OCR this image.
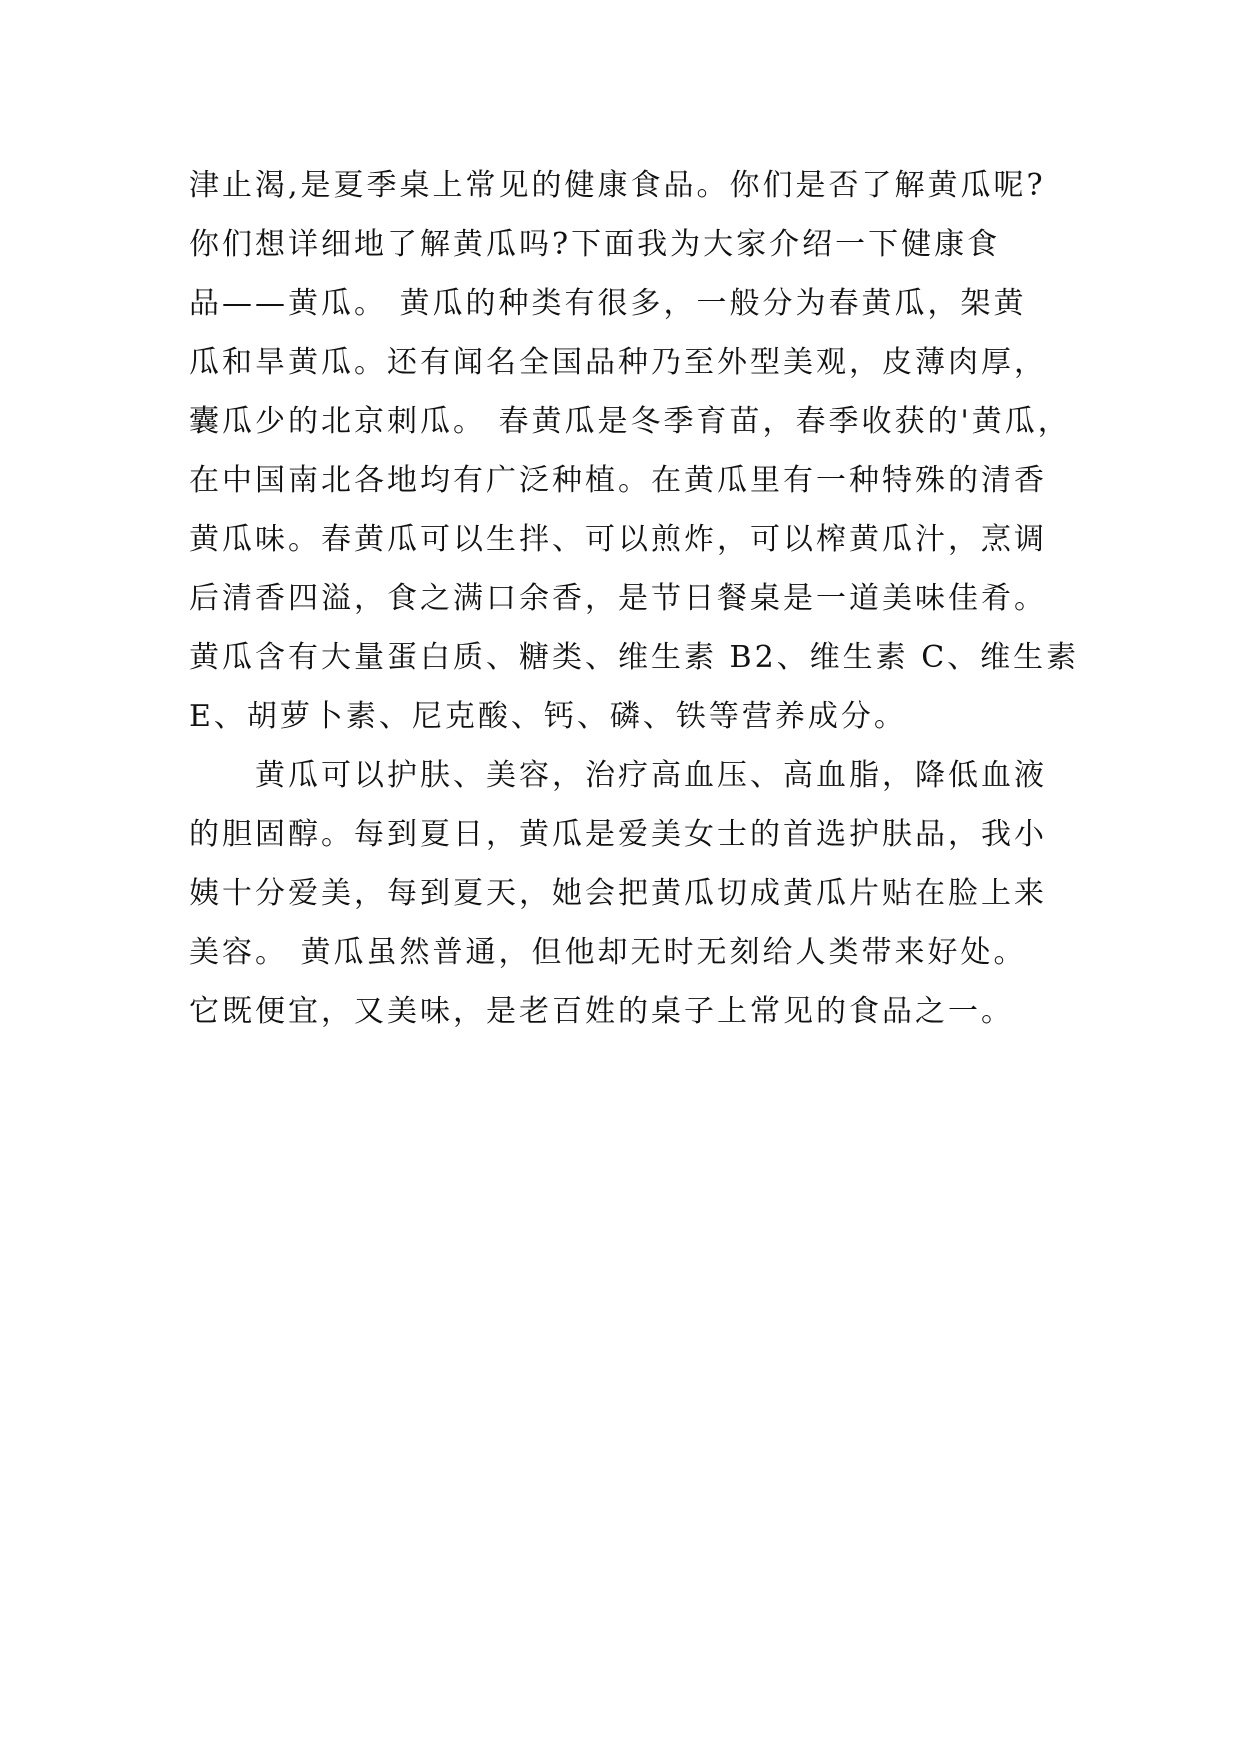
津止渴,是夏季桌上常见的健康食品。你们是否了解黄瓜呢?
你们想详细地了解黄瓜吗?下面我为大家介绍一下健康食
品——黄瓜。 黄瓜的种类有很多，一般分为春黄瓜，架黄
瓜和旱黄瓜。还有闻名全国品种乃至外型美观，皮薄肉厚，
囊瓜少的北京刺瓜。 春黄瓜是冬季育苗，春季收获的'黄瓜，
在中国南北各地均有广泛种植。在黄瓜里有一种特殊的清香
黄瓜味。春黄瓜可以生拌、可以煎炸，可以榨黄瓜汁，烹调
后清香四溢，食之满口余香，是节日餐桌是一道美味佳肴。
黄瓜含有大量蛋白质、糖类、维生素 B2、维生素 C、维生素
E、胡萝卜素、尼克酸、钙、磷、铁等营养成分。
黄瓜可以护肤、美容，治疗高血压、高血脂，降低血液
的胆固醇。每到夏日，黄瓜是爱美女士的首选护肤品，我小
姨十分爱美，每到夏天，她会把黄瓜切成黄瓜片贴在脸上来
美容。 黄瓜虽然普通，但他却无时无刻给人类带来好处。
它既便宜，又美味，是老百姓的桌子上常见的食品之一。
